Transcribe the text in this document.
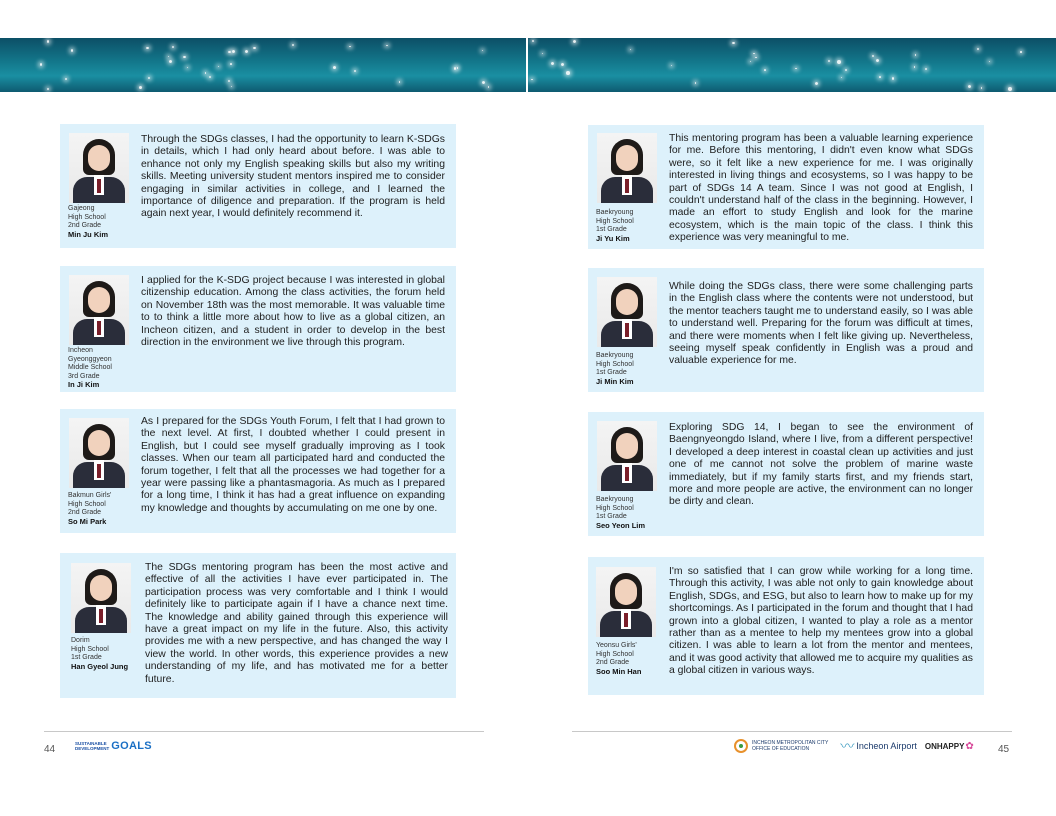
Gajeong
High School
2nd Grade
Min Ju Kim
Through the SDGs classes, I had the opportunity to learn K-SDGs in details, which I had only heard about before. I was able to enhance not only my English speaking skills but also my writing skills. Meeting university student mentors inspired me to consider engaging in similar activities in college, and I learned the importance of diligence and preparation. If the program is held again next year, I would definitely recommend it.
Incheon
Gyeonggyeon
Middle School
3rd Grade
In Ji Kim
I applied for the K-SDG project because I was interested in global citizenship education. Among the class activities, the forum held on November 18th was the most memorable. It was valuable time to to think a little more about how to live as a global citizen, an Incheon citizen, and a student in order to develop in the best direction in the environment we live through this program.
Bakmun Girls'
High School
2nd Grade
So Mi Park
As I prepared for the SDGs Youth Forum, I felt that I had grown to the next level. At first, I doubted whether I could present in English, but I could see myself gradually improving as I took classes. When our team all participated hard and conducted the forum together, I felt that all the processes we had together for a year were passing like a phantasmagoria. As much as I prepared for a long time, I think it has had a great influence on expanding my knowledge and thoughts by accumulating on me one by one.
Dorim
High School
1st Grade
Han Gyeol Jung
The SDGs mentoring program has been the most active and effective of all the activities I have ever participated in. The participation process was very comfortable and I think I would definitely like to participate again if I have a chance next time. The knowledge and ability gained through this experience will have a great impact on my life in the future. Also, this activity provides me with a new perspective, and has changed the way I view the world. In other words, this experience provides a new understanding of my life, and has motivated me for a better future.
Baekryoung
High School
1st Grade
Ji Yu Kim
This mentoring program has been a valuable learning experience for me. Before this mentoring, I didn't even know what SDGs were, so it felt like a new experience for me. I was originally interested in living things and ecosystems, so I was happy to be part of SDGs 14 A team. Since I was not good at English, I couldn't understand half of the class in the beginning. However, I made an effort to study English and look for the marine ecosystem, which is the main topic of the class. I think this experience was very meaningful to me.
Baekryoung
High School
1st Grade
Ji Min Kim
While doing the SDGs class, there were some challenging parts in the English class where the contents were not understood, but the mentor teachers taught me to understand easily, so I was able to understand well. Preparing for the forum was difficult at times, and there were moments when I felt like giving up. Nevertheless, seeing myself speak confidently in English was a proud and valuable experience for me.
Baekryoung
High School
1st Grade
Seo Yeon Lim
Exploring SDG 14, I began to see the environment of Baengnyeongdo Island, where I live, from a different perspective! I developed a deep interest in coastal clean up activities and just one of me cannot not solve the problem of marine waste immediately, but if my family starts first, and my friends start, more and more people are active, the environment can no longer be dirty and clean.
Yeonsu Girls'
High School
2nd Grade
Soo Min Han
I'm so satisfied that I can grow while working for a long time. Through this activity, I was able not only to gain knowledge about English, SDGs, and ESG, but also to learn how to make up for my shortcomings. As I participated in the forum and thought that I had grown into a global citizen, I wanted to play a role as a mentor rather than as a mentee to help my mentees grow into a global citizen. I was able to learn a lot from the mentor and mentees, and it was good activity that allowed me to acquire my qualities as a global citizen in various ways.
44
SUSTAINABLE
DEVELOPMENT GOALS	INCHEON METROPOLITAN CITY
OFFICE OF EDUCATION	〰 Incheon Airport ONHAPPY ✿ 45
